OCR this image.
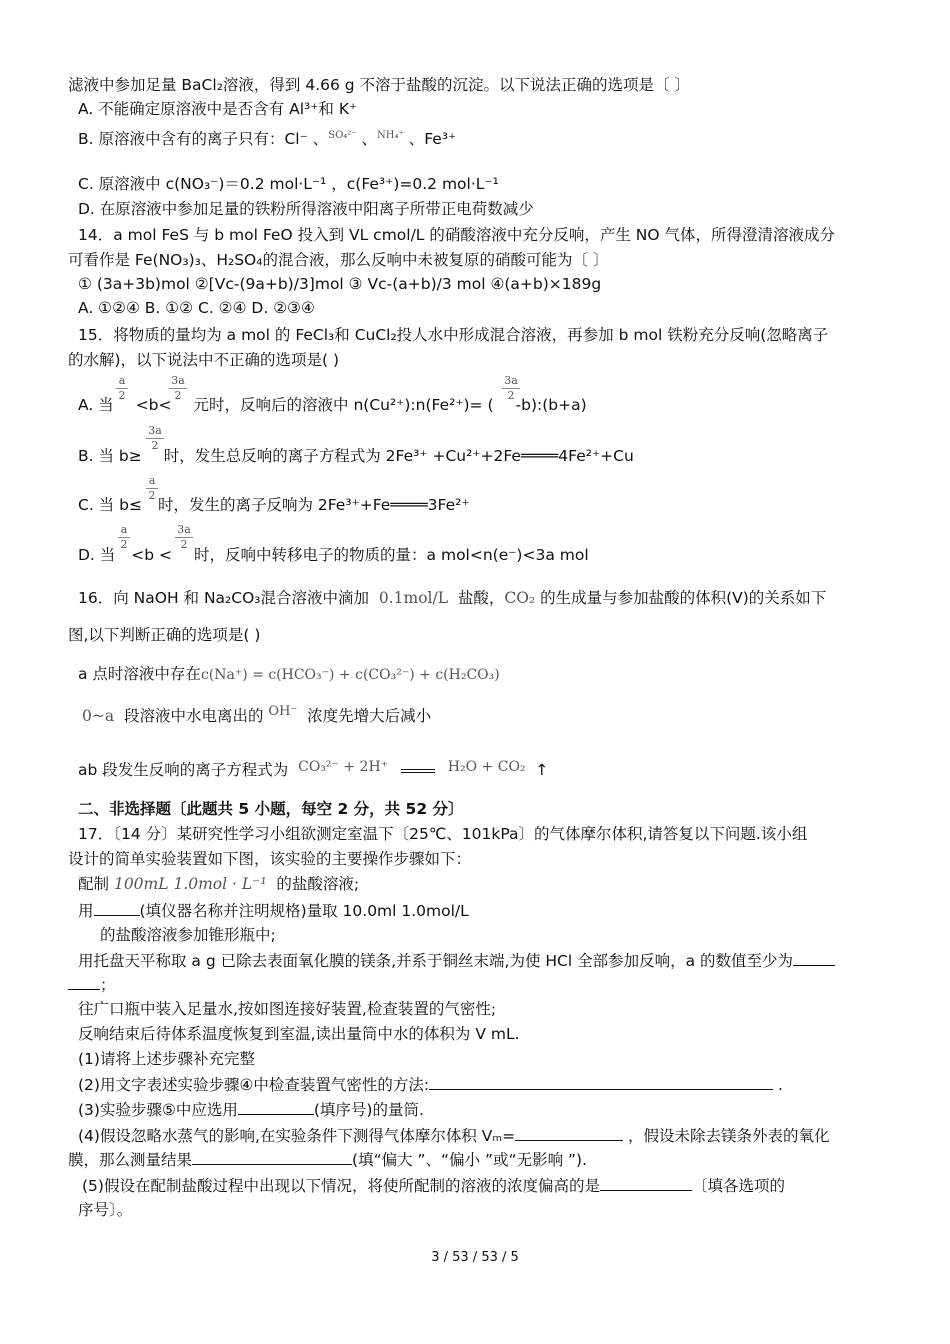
滤液中参加足量 BaCl₂溶液，得到 4.66 g 不溶于盐酸的沉淀。以下说法正确的选项是〔 〕
A. 不能确定原溶液中是否含有 Al³⁺和 K⁺
B. 原溶液中含有的离子只有：Cl⁻ 、$^{SO_4^{2-}}$ 、$^{NH_4^+}$ 、Fe³⁺
C. 原溶液中 c(NO₃⁻)＝0.2 mol·L⁻¹ ，c(Fe³⁺)=0.2 mol·L⁻¹
D. 在原溶液中参加足量的铁粉所得溶液中阳离子所带正电荷数减少
14．a mol FeS 与 b mol FeO 投入到 VL cmol/L 的硝酸溶液中充分反响，产生 NO 气体，所得澄清溶液成分
可看作是 Fe(NO₃)₃、H₂SO₄的混合液，那么反响中未被复原的硝酸可能为〔 〕
① (3a+3b)mol ②[Vc-(9a+b)/3]mol ③ Vc-(a+b)/3 mol ④(a+b)×189g
A. ①②④ B. ①② C. ②④ D. ②③④
15．将物质的量均为 a mol 的 FeCl₃和 CuCl₂投人水中形成混合溶液，再参加 b mol 铁粉充分反响(忽略离子
的水解)，以下说法中不正确的选项是( )
A. 当 <b< 元时，反响后的溶液中 n(Cu²⁺):n(Fe²⁺)= ( -b):(b+a)
a
2
3a
2
3a
2
B. 当 b≥ 时，发生总反响的离子方程式为 2Fe³⁺ +Cu²⁺+2Fe════4Fe²⁺+Cu
3a
2
C. 当 b≤ 时，发生的离子反响为 2Fe³⁺+Fe════3Fe²⁺
a
2
D. 当 <b < 时，反响中转移电子的物质的量：a mol<n(e⁻)<3a mol
a
2
3a
2
16．向 NaOH 和 Na₂CO₃混合溶液中滴加 0.1mol/L 盐酸，CO₂ 的生成量与参加盐酸的体积(V)的关系如下
图,以下判断正确的选项是( )
a 点时溶液中存在c(Na⁺) = c(HCO₃⁻) + c(CO₃²⁻) + c(H₂CO₃)
0~a 段溶液中水电离出的 $^{OH^-}$ 浓度先增大后减小
ab 段发生反响的离子方程式为 CO₃²⁻ + 2H⁺	H₂O + CO₂ ↑
二、非选择题〔此题共 5 小题，每空 2 分，共 52 分〕
17．〔14 分〕某研究性学习小组欲测定室温下〔25℃、101kPa〕的气体摩尔体积,请答复以下问题.该小组
设计的简单实验装置如下图，该实验的主要操作步骤如下：
配制 100mL 1.0mol · L⁻¹ 的盐酸溶液;
用	(填仪器名称并注明规格)量取 10.0ml 1.0mol/L
的盐酸溶液参加锥形瓶中;
用托盘天平称取 a g 已除去表面氧化膜的镁条,并系于铜丝末端,为使 HCl 全部参加反响，a 的数值至少为
；
往广口瓶中装入足量水,按如图连接好装置,检查装置的气密性;
反响结束后待体系温度恢复到室温,读出量筒中水的体积为 V mL.
(1)请将上述步骤补充完整
(2)用文字表述实验步骤④中检查装置气密性的方法:	.
(3)实验步骤⑤中应选用	(填序号)的量筒.
(4)假设忽略水蒸气的影响,在实验条件下测得气体摩尔体积 Vₘ=	，假设未除去镁条外表的氧化
膜，那么测量结果	(填“偏大 ”、“偏小 ”或“无影响 ”).
(5)假设在配制盐酸过程中出现以下情况，将使所配制的溶液的浓度偏高的是	〔填各选项的
序号〕。
3 / 53 / 53 / 5
